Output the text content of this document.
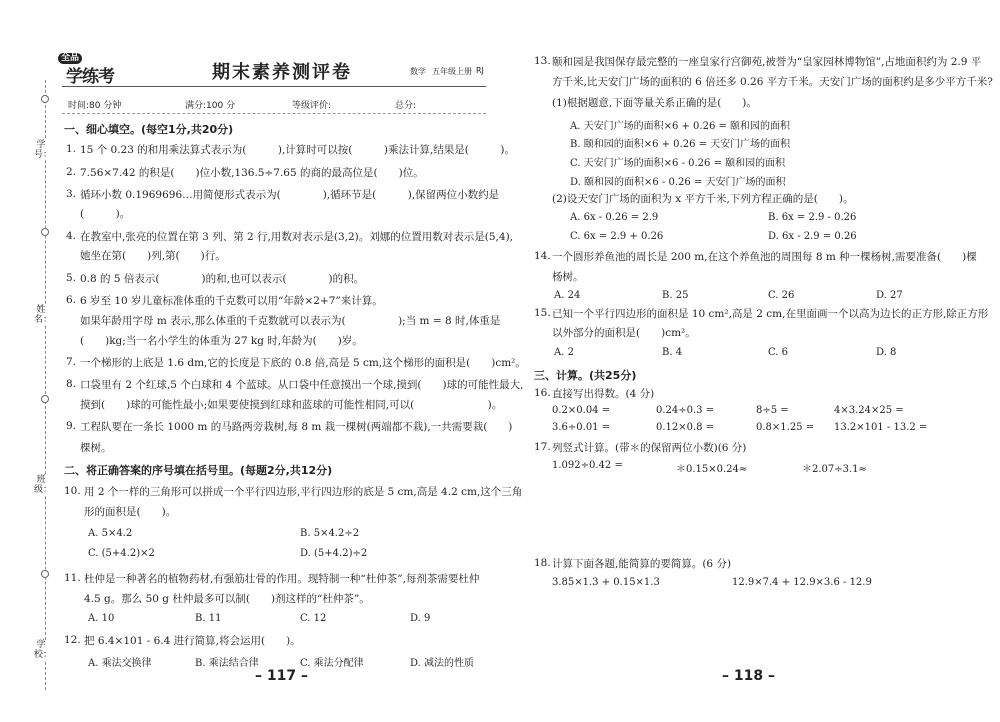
学号：
姓名：
班级：
学校：
全品
学练考	期末素养测评卷	数学 五年级上册 RJ
时间:80 分钟	满分:100 分	等级评价:	总分:
一、细心填空。(每空1分,共20分)
1. 15 个 0.23 的和用乘法算式表示为(　　　),计算时可以按(　　　)乘法计算,结果是(　　　)。
2. 7.56×7.42 的积是(　　)位小数,136.5÷7.65 的商的最高位是(　　)位。
3. 循环小数 0.1969696…用简便形式表示为(　　　　),循环节是(　　　),保留两位小数约是
(　　　)。
4. 在教室中,张亮的位置在第 3 列、第 2 行,用数对表示是(3,2)。刘娜的位置用数对表示是(5,4),
她坐在第(　　)列,第(　　)行。
5. 0.8 的 5 倍表示(　　　　)的和,也可以表示(　　　　)的积。
6. 6 岁至 10 岁儿童标准体重的千克数可以用“年龄×2+7”来计算。
如果年龄用字母 m 表示,那么体重的千克数就可以表示为(　　　　　);当 m = 8 时,体重是
(　　)kg;当一名小学生的体重为 27 kg 时,年龄为(　　)岁。
7. 一个梯形的上底是 1.6 dm,它的长度是下底的 0.8 倍,高是 5 cm,这个梯形的面积是(　　)cm²。
8. 口袋里有 2 个红球,5 个白球和 4 个蓝球。从口袋中任意摸出一个球,摸到(　　)球的可能性最大,
摸到(　　)球的可能性最小;如果要使摸到红球和蓝球的可能性相同,可以(　　　　　　　)。
9. 工程队要在一条长 1000 m 的马路两旁栽树,每 8 m 栽一棵树(两端都不栽),一共需要栽(　　)
棵树。
二、将正确答案的序号填在括号里。(每题2分,共12分)
10. 用 2 个一样的三角形可以拼成一个平行四边形,平行四边形的底是 5 cm,高是 4.2 cm,这个三角
形的面积是(　　)。
A. 5×4.2	B. 5×4.2÷2
C. (5+4.2)×2	D. (5+4.2)÷2
11. 杜仲是一种著名的植物药材,有强筋壮骨的作用。现特制一种“杜仲茶”,每剂茶需要杜仲
4.5 g。那么 50 g 杜仲最多可以制(　　)剂这样的“杜仲茶”。
A. 10	B. 11	C. 12	D. 9
12. 把 6.4×101 - 6.4 进行简算,将会运用(　　)。
A. 乘法交换律	B. 乘法结合律	C. 乘法分配律	D. 减法的性质
– 117 –
13. 颐和园是我国保存最完整的一座皇家行宫御苑,被誉为“皇家园林博物馆”,占地面积约为 2.9 平
方千米,比天安门广场的面积的 6 倍还多 0.26 平方千米。天安门广场的面积约是多少平方千米?
(1)根据题意,下面等量关系正确的是(　　)。
A. 天安门广场的面积×6 + 0.26 = 颐和园的面积
B. 颐和园的面积×6 + 0.26 = 天安门广场的面积
C. 天安门广场的面积×6 - 0.26 = 颐和园的面积
D. 颐和园的面积×6 - 0.26 = 天安门广场的面积
(2)设天安门广场的面积为 x 平方千米,下列方程正确的是(　　)。
A. 6x - 0.26 = 2.9	B. 6x = 2.9 - 0.26
C. 6x = 2.9 + 0.26	D. 6x - 2.9 = 0.26
14. 一个圆形养鱼池的周长是 200 m,在这个养鱼池的周围每 8 m 种一棵杨树,需要准备(　　)棵
杨树。
A. 24	B. 25	C. 26	D. 27
15. 已知一个平行四边形的面积是 10 cm²,高是 2 cm,在里面画一个以高为边长的正方形,除正方形
以外部分的面积是(　　)cm²。
A. 2	B. 4	C. 6	D. 8
三、计算。(共25分)
16. 直接写出得数。(4 分)
0.2×0.04 =	0.24÷0.3 =	8÷5 =	4×3.24×25 =
3.6÷0.01 =	0.12×0.8 =	0.8×1.25 = 13.2×101 - 13.2 =
17. 列竖式计算。(带＊的保留两位小数)(6 分)
1.092÷0.42 =	＊0.15×0.24≈	＊2.07÷3.1≈
18. 计算下面各题,能简算的要简算。(6 分)
3.85×1.3 + 0.15×1.3	12.9×7.4 + 12.9×3.6 - 12.9
– 118 –
